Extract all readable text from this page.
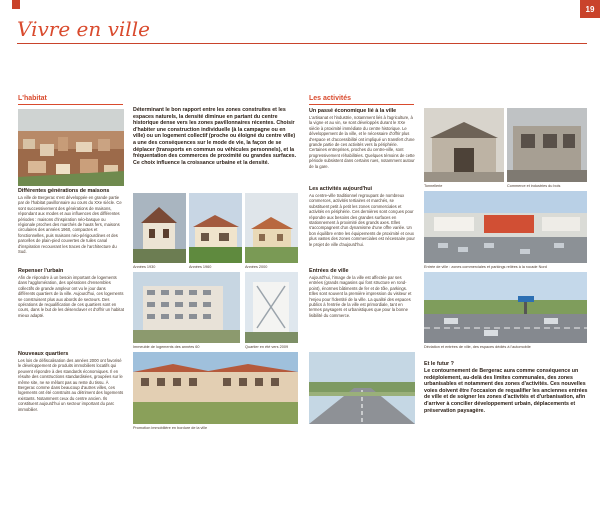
19
Vivre en ville
L'habitat
Différentes générations de maisons
La ville de Bergerac s'est développée en grande partie par de l'habitat pavillonnaire au cours du XXe siècle. Ce sont successivement des générations de maisons, répondant aux modes et aux influences des différentes périodes : maisons d'inspiration néo-basque ou régionale proches des marchés de hauts fers, maisons circulaires des années 1960, compactes et fonctionnelles, puis maisons néo-périgourdines et des parcelles de plain-pied couvertes de tuiles canal d'inspiration recouvrant les traces de l'architecture du Sud.
Repenser l'urbain
Afin de répondre à un besoin important de logements dans l'agglomération, des opérations d'ensembles collectifs de grande ampleur ont vu le jour dans différents quartiers de la ville. Aujourd'hui, ces logements se construisent plus aux abords de secteurs. Des opérations de requalification de ces quartiers sont en cours, dans le but de les désenclaver et d'offrir un habitat mieux adapté.
Nouveaux quartiers
Les lois de défiscalisation des années 2000 ont favorisé le développement de produits immobiliers locatifs qui peuvent répondre à des standards économiques. Il en résulte des constructions standardisées, groupées sur le même site, ne se mêlant pas au reste du tissu. À Bergerac comme dans beaucoup d'autres villes, ces logements ont été construits au détriment des logements existants. Notamment ceux du centre ancien. Ils constituent aujourd'hui un secteur important du parc immobilier.
Déterminant le bon rapport entre les zones construites et les espaces naturels, la densité diminue en partant du centre historique dense vers les zones pavillonnaires récentes. Choisir d'habiter une construction individuelle (à la campagne ou en ville) ou un logement collectif (proche ou éloigné du centre ville) a une des conséquences sur le mode de vie, la façon de se déplacer (transports en commun ou véhicules personnels), et la fréquentation des commerces de proximité ou grandes surfaces. Ce choix influence la croissance urbaine et la densité.
Années 1930	Années 1960	Années 2000
Immeuble de logements des années 60	Quartier en été vers 2009
Promotion immobilière en bordure de la ville
Les activités
Un passé économique lié à la ville
L'artisanat et l'industrie, notamment liés à l'agriculture, à la vigne et au vin, se sont développés durant le XXe siècle à proximité immédiate du centre historique. Le développement de la ville, et le nécessaire d'offrir plus d'espace et d'accessibilité ont impliqué un transfert d'une grande partie de ces activités vers la périphérie. Certaines entreprises, proches du centre-ville, sont progressivement réhabilitées. Quelques témoins de cette période subsistent dans certains rues, notamment autour de la gare.
Les activités aujourd'hui
Au centre-ville traditionnel regroupant de nombreux commerces, activités tertiaires et marchés, se substituent petit à petit les zones commerciales et activités en périphérie. Ces dernières sont conçues pour répondre aux besoins des grandes surfaces en stationnement à proximité des grands axes. Elles s'accompagnent d'un dynamisme d'une offre variée. Un bon équilibre entre les équipements de proximité et ceux plus vastes des zones commerciales est nécessaire pour le projet de ville d'aujourd'hui.
Entrées de ville
Aujourd'hui, l'image de la ville est affectée par ses entrées (grands magasins qui font structure en rond-point), énormes bâtiments de fer et de tôle, parkings. Elles sont souvent la première impression du visiteur et l'enjeu pour l'identité de la ville. La qualité des espaces publics à l'entrée de la ville est primordiale, tant en termes paysagers et urbanistiques que pour la bonne lisibilité du commerce.
Tonnellerie	Commerce et industries du bois
Entrée de ville : zones commerciales et parkings reliées à la rocade Nord
Déviation et entrées de ville, des espaces dédiés à l'automobile
Et le futur ?
Le contournement de Bergerac aura comme conséquence un redéploiement, au-delà des limites communales, des zones urbanisables et notamment des zones d'activités. Ces nouvelles voies doivent être l'occasion de requalifier les anciennes entrées de ville et de soigner les zones d'activités et d'urbanisation, afin d'arriver à concilier développement urbain, déplacements et préservation paysagère.
